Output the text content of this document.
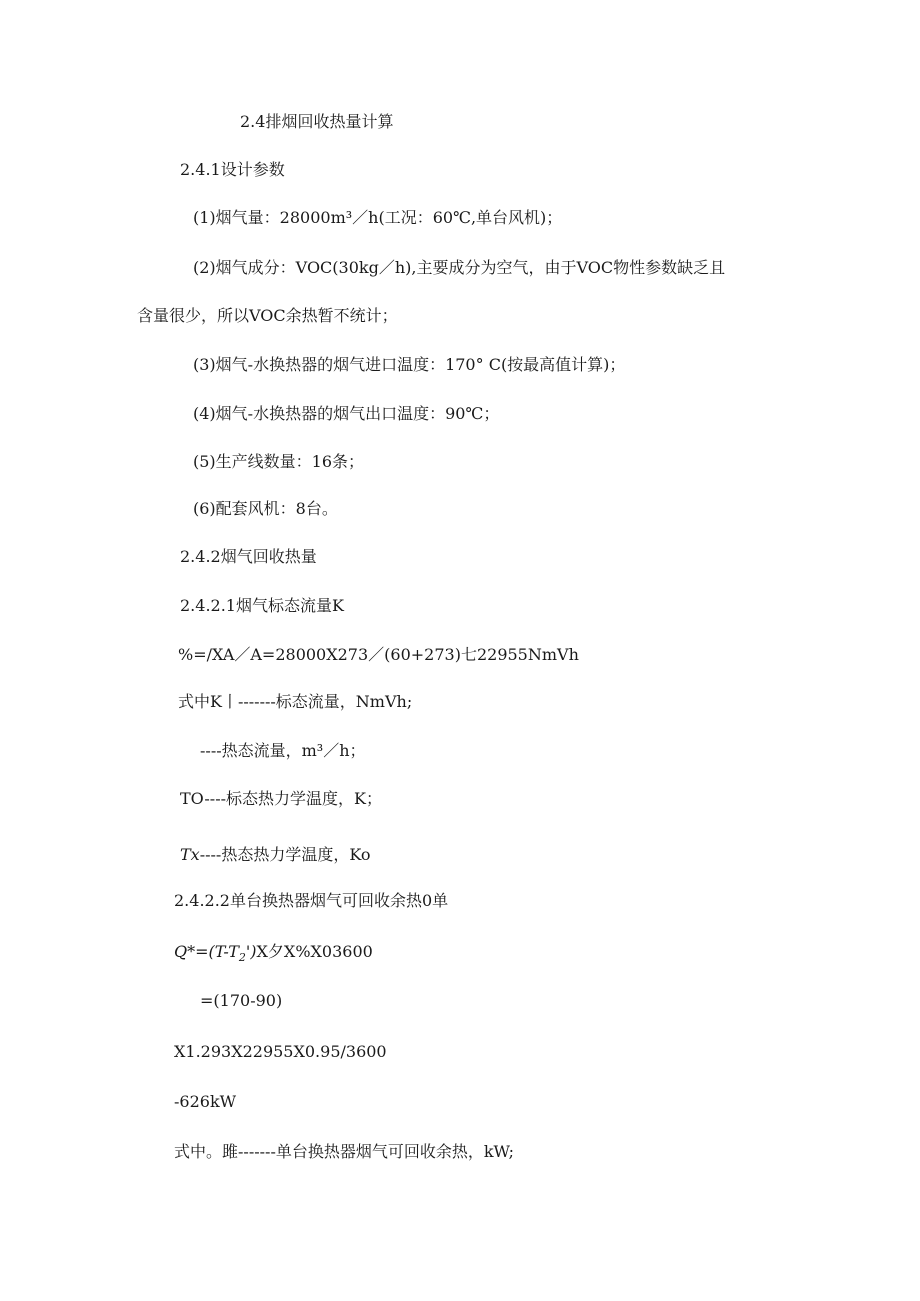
2.4排烟回收热量计算
2.4.1设计参数
(1)烟气量：28000m³／h(工况：60℃,单台风机)；
(2)烟气成分：VOC(30kg／h),主要成分为空气，由于VOC物性参数缺乏且
含量很少，所以VOC余热暂不统计；
(3)烟气-水换热器的烟气进口温度：170° C(按最高值计算)；
(4)烟气-水换热器的烟气出口温度：90℃；
(5)生产线数量：16条；
(6)配套风机：8台。
2.4.2烟气回收热量
2.4.2.1烟气标态流量K
%=/XA／A=28000X273／(60+273)七22955NmVh
式中K丨-------标态流量，NmVh;
----热态流量，m³／h；
TO----标态热力学温度，K；
Tx----热态热力学温度，Ko
2.4.2.2单台换热器烟气可回收余热0单
$Q*=(T-T_2')X$夕X%X03600
=(170-90)
X1.293X22955X0.95/3600
-626kW
式中。雎-------单台换热器烟气可回收余热，kW;
